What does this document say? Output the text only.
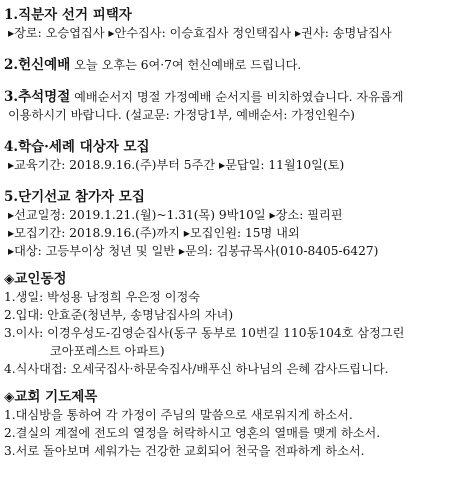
1.직분자 선거 피택자
▸장로: 오승엽집사 ▸안수집사: 이승효집사 정인택집사 ▸권사: 송명남집사
2.헌신예배 오늘 오후는 6여·7여 헌신예배로 드립니다.
3.추석명절 예배순서지 명절 가정예배 순서지를 비치하였습니다. 자유롭게
이용하시기 바랍니다. (설교문: 가정당1부, 예배순서: 가정인원수)
4.학습·세례 대상자 모집
▸교육기간: 2018.9.16.(주)부터 5주간 ▸문답일: 11월10일(토)
5.단기선교 참가자 모집
▸선교일정: 2019.1.21.(월)~1.31(목) 9박10일 ▸장소: 필리핀
▸모집기간: 2018.9.16.(주)까지 ▸모집인원: 15명 내외
▸대상: 고등부이상 청년 및 일반 ▸문의: 김봉규목사(010-8405-6427)
◈교인동정
1.생일: 박성용 남정희 우은정 이정숙
2.입대: 안효준(청년부, 송명남집사의 자녀)
3.이사: 이경우성도-김영순집사(동구 동부로 10번길 110동104호 삼정그린
코아포레스트 아파트)
4.식사대접: 오세국집사·하문숙집사/배푸신 하나님의 은혜 감사드립니다.
◈교회 기도제목
1.대심방을 통하여 각 가정이 주님의 말씀으로 새로워지게 하소서.
2.결실의 계절에 전도의 열정을 허락하시고 영혼의 열매를 맺게 하소서.
3.서로 돌아보며 세워가는 건강한 교회되어 천국을 전파하게 하소서.
